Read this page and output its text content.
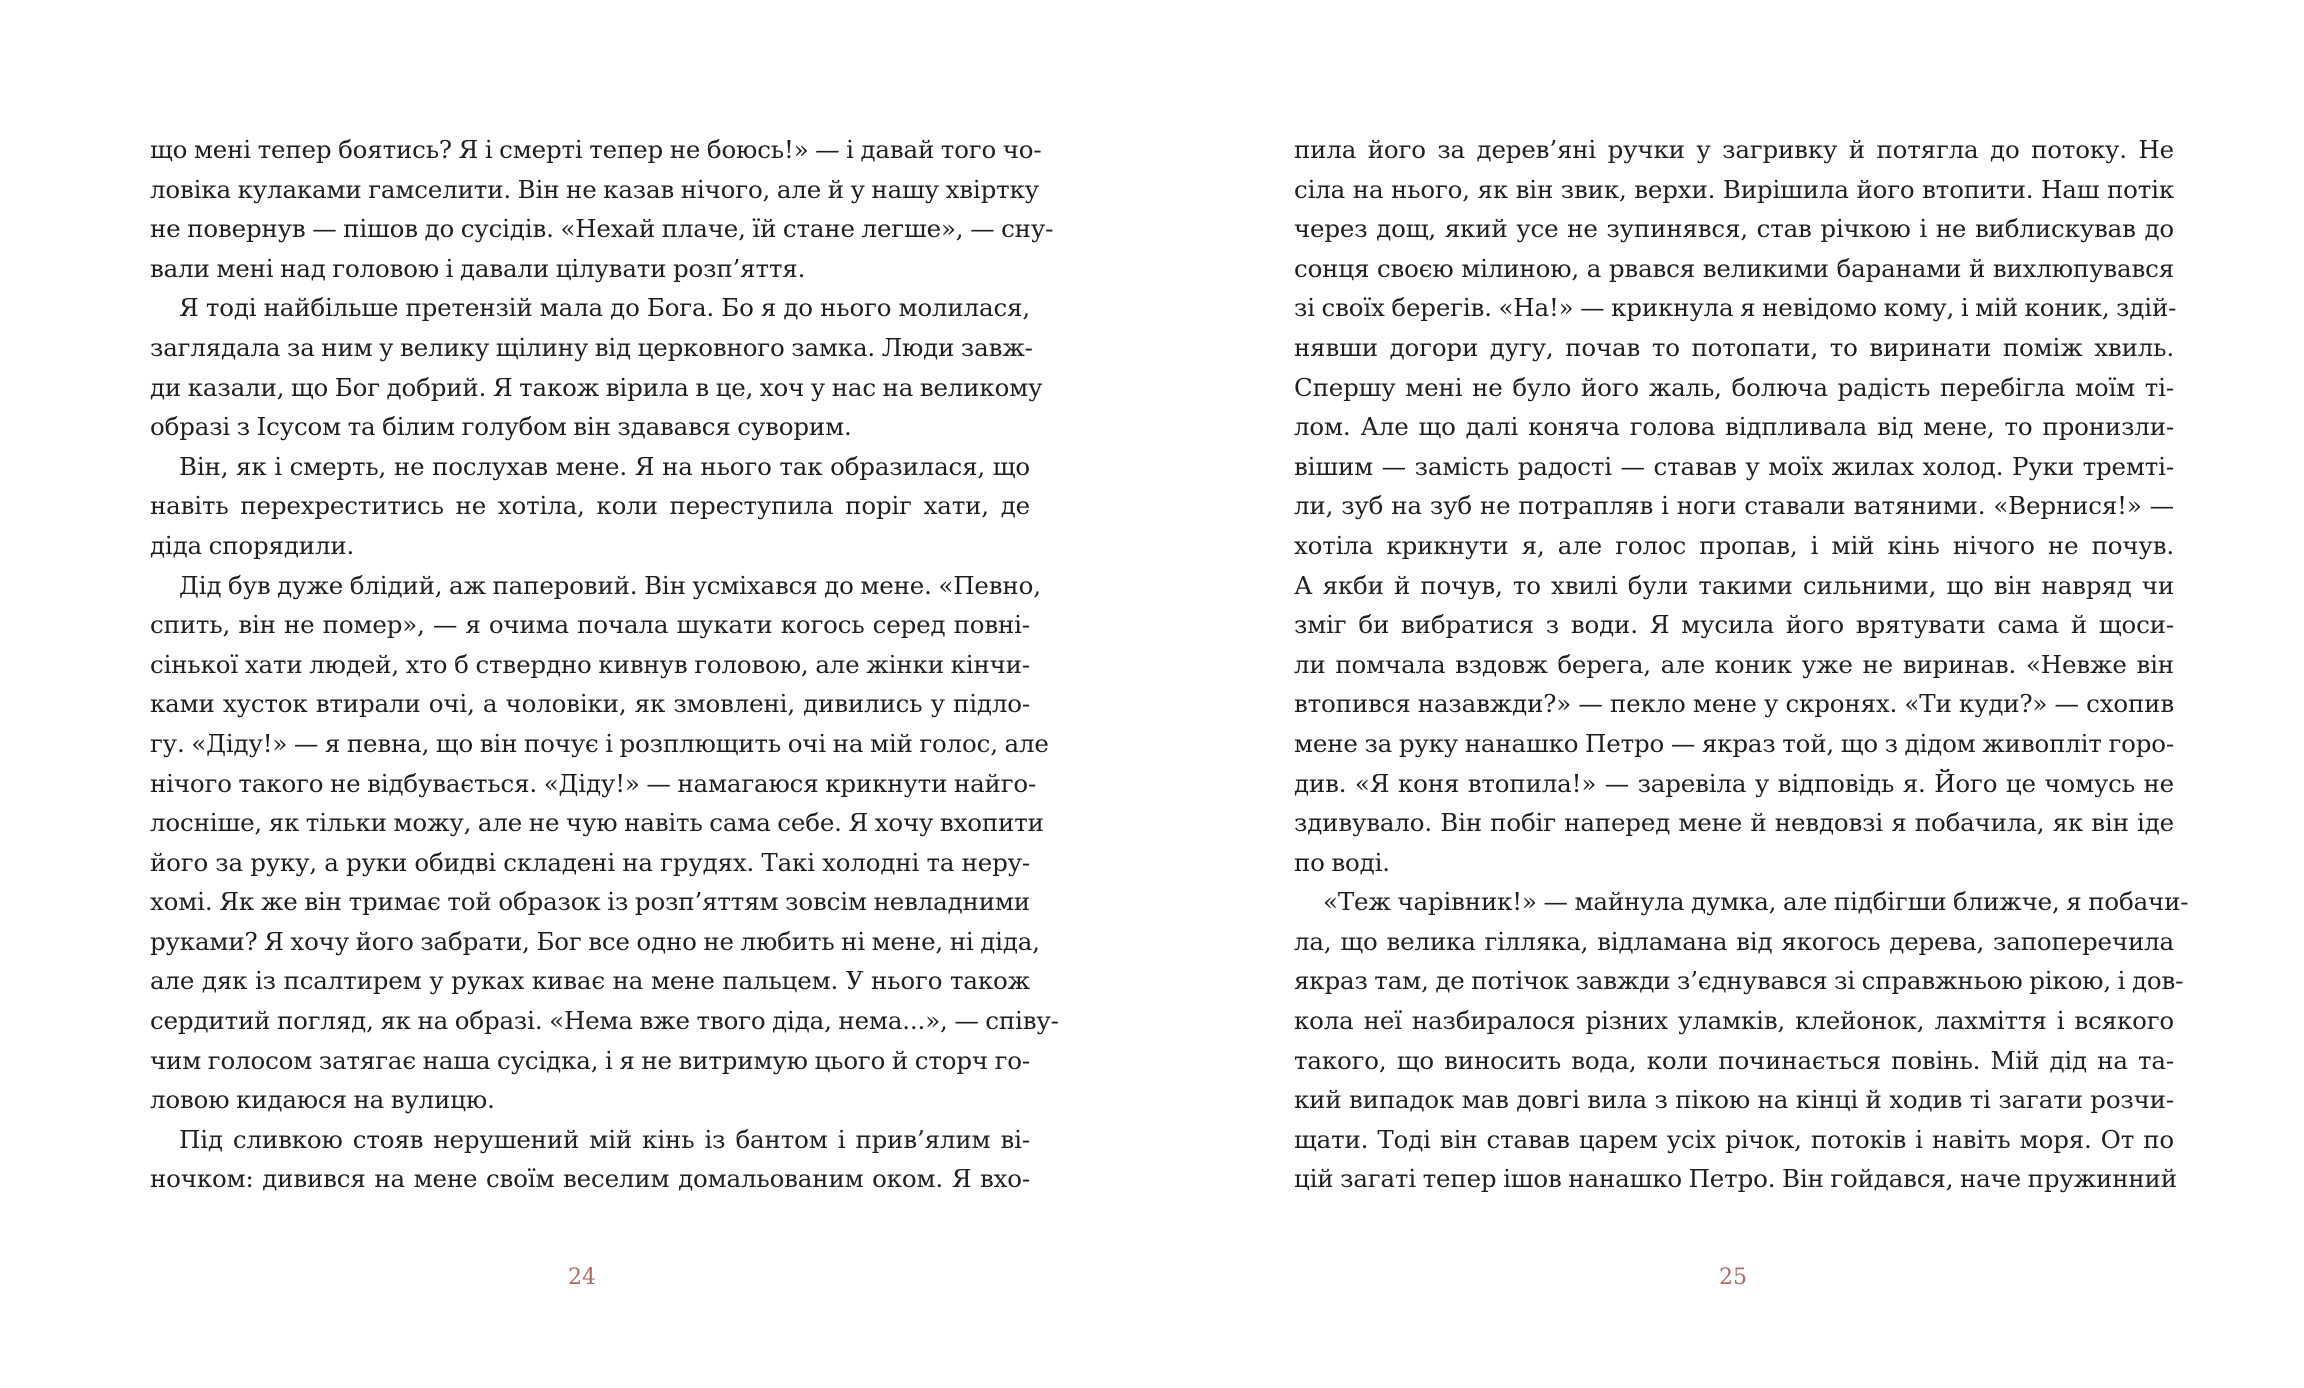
що мені тепер боятись? Я і смерті тепер не боюсь!» — і давай того чо-
ловіка кулаками гамселити. Він не казав нічого, але й у нашу хвіртку
не повернув — пішов до сусідів. «Нехай плаче, їй стане легше», — сну-
вали мені над головою і давали цілувати розп’яття.
Я тоді найбільше претензій мала до Бога. Бо я до нього молилася,
заглядала за ним у велику щілину від церковного замка. Люди завж-
ди казали, що Бог добрий. Я також вірила в це, хоч у нас на великому
образі з Ісусом та білим голубом він здавався суворим.
Він, як і смерть, не послухав мене. Я на нього так образилася, що
навіть перехреститись не хотіла, коли переступила поріг хати, де
діда спорядили.
Дід був дуже блідий, аж паперовий. Він усміхався до мене. «Певно,
спить, він не помер», — я очима почала шукати когось серед повні-
сінької хати людей, хто б ствердно кивнув головою, але жінки кінчи-
ками хусток втирали очі, а чоловіки, як змовлені, дивились у підло-
гу. «Діду!» — я певна, що він почує і розплющить очі на мій голос, але
нічого такого не відбувається. «Діду!» — намагаюся крикнути найго-
лосніше, як тільки можу, але не чую навіть сама себе. Я хочу вхопити
його за руку, а руки обидві складені на грудях. Такі холодні та неру-
хомі. Як же він тримає той образок із розп’яттям зовсім невладними
руками? Я хочу його забрати, Бог все одно не любить ні мене, ні діда,
але дяк із псалтирем у руках киває на мене пальцем. У нього також
сердитий погляд, як на образі. «Нема вже твого діда, нема...», — співу-
чим голосом затягає наша сусідка, і я не витримую цього й сторч го-
ловою кидаюся на вулицю.
Під сливкою стояв нерушений мій кінь із бантом і прив’ялим ві-
ночком: дивився на мене своїм веселим домальованим оком. Я вхо-
пила його за дерев’яні ручки у загривку й потягла до потоку. Не
сіла на нього, як він звик, верхи. Вирішила його втопити. Наш потік
через дощ, який усе не зупинявся, став річкою і не виблискував до
сонця своєю мілиною, а рвався великими баранами й вихлюпувався
зі своїх берегів. «На!» — крикнула я невідомо кому, і мій коник, здій-
нявши догори дугу, почав то потопати, то виринати поміж хвиль.
Спершу мені не було його жаль, болюча радість перебігла моїм ті-
лом. Але що далі коняча голова відпливала від мене, то пронизли-
вішим — замість радості — ставав у моїх жилах холод. Руки тремті-
ли, зуб на зуб не потрапляв і ноги ставали ватяними. «Вернися!» —
хотіла крикнути я, але голос пропав, і мій кінь нічого не почув.
А якби й почув, то хвилі були такими сильними, що він навряд чи
зміг би вибратися з води. Я мусила його врятувати сама й щоси-
ли помчала вздовж берега, але коник уже не виринав. «Невже він
втопився назавжди?» — пекло мене у скронях. «Ти куди?» — схопив
мене за руку нанашко Петро — якраз той, що з дідом живопліт горо-
див. «Я коня втопила!» — заревіла у відповідь я. Його це чомусь не
здивувало. Він побіг наперед мене й невдовзі я побачила, як він іде
по воді.
«Теж чарівник!» — майнула думка, але підбігши ближче, я побачи-
ла, що велика гілляка, відламана від якогось дерева, запоперечила
якраз там, де потічок завжди з’єднувався зі справжньою рікою, і дов-
кола неї назбиралося різних уламків, клейонок, лахміття і всякого
такого, що виносить вода, коли починається повінь. Мій дід на та-
кий випадок мав довгі вила з пікою на кінці й ходив ті загати розчи-
щати. Тоді він ставав царем усіх річок, потоків і навіть моря. От по
цій загаті тепер ішов нанашко Петро. Він гойдався, наче пружинний
24	25
